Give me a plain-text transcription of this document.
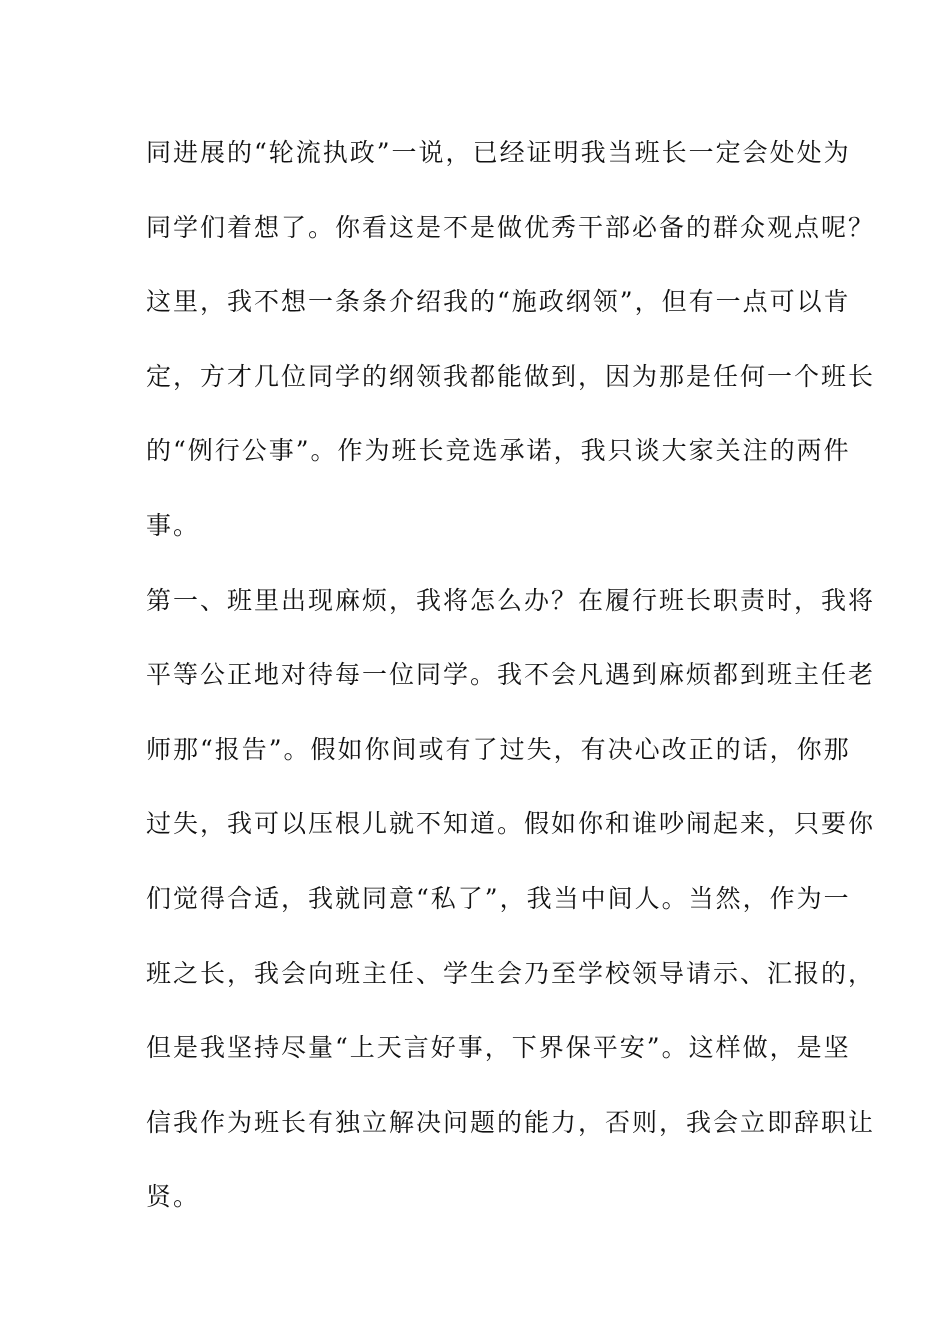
同进展的“轮流执政”一说，已经证明我当班长一定会处处为
同学们着想了。你看这是不是做优秀干部必备的群众观点呢？
这里，我不想一条条介绍我的“施政纲领”，但有一点可以肯
定，方才几位同学的纲领我都能做到，因为那是任何一个班长
的“例行公事”。作为班长竞选承诺，我只谈大家关注的两件
事。
第一、班里出现麻烦，我将怎么办？在履行班长职责时，我将
平等公正地对待每一位同学。我不会凡遇到麻烦都到班主任老
师那“报告”。假如你间或有了过失，有决心改正的话，你那
过失，我可以压根儿就不知道。假如你和谁吵闹起来，只要你
们觉得合适，我就同意“私了”，我当中间人。当然，作为一
班之长，我会向班主任、学生会乃至学校领导请示、汇报的，
但是我坚持尽量“上天言好事，下界保平安”。这样做，是坚
信我作为班长有独立解决问题的能力，否则，我会立即辞职让
贤。
